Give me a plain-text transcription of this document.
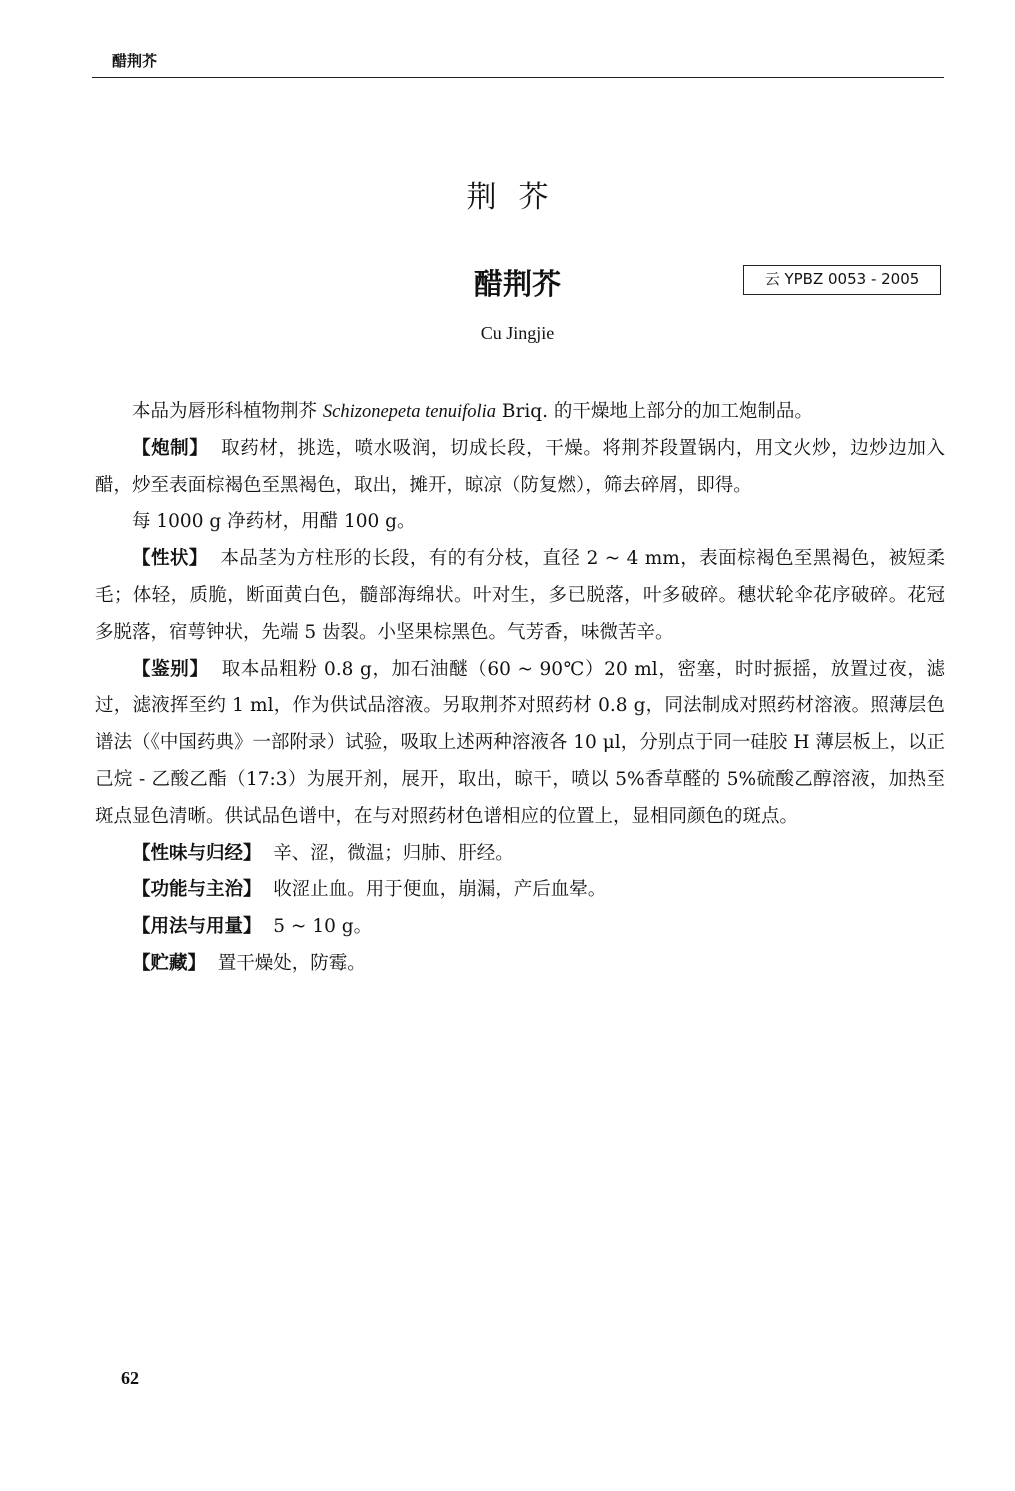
醋荆芥
荆芥
醋荆芥	云 YPBZ 0053 - 2005
Cu Jingjie

本品为唇形科植物荆芥 Schizonepeta tenuifolia Briq. 的干燥地上部分的加工炮制品。

【炮制】 取药材，挑选，喷水吸润，切成长段，干燥。将荆芥段置锅内，用文火炒，边炒边加入醋，炒至表面棕褐色至黑褐色，取出，摊开，晾凉（防复燃），筛去碎屑，即得。

每 1000 g 净药材，用醋 100 g。

【性状】 本品茎为方柱形的长段，有的有分枝，直径 2 ~ 4 mm，表面棕褐色至黑褐色，被短柔毛；体轻，质脆，断面黄白色，髓部海绵状。叶对生，多已脱落，叶多破碎。穗状轮伞花序破碎。花冠多脱落，宿萼钟状，先端 5 齿裂。小坚果棕黑色。气芳香，味微苦辛。

【鉴别】 取本品粗粉 0.8 g，加石油醚（60 ~ 90℃）20 ml，密塞，时时振摇，放置过夜，滤过，滤液挥至约 1 ml，作为供试品溶液。另取荆芥对照药材 0.8 g，同法制成对照药材溶液。照薄层色谱法（《中国药典》一部附录）试验，吸取上述两种溶液各 10 μl，分别点于同一硅胶 H 薄层板上，以正己烷 - 乙酸乙酯（17:3）为展开剂，展开，取出，晾干，喷以 5%香草醛的 5%硫酸乙醇溶液，加热至斑点显色清晰。供试品色谱中，在与对照药材色谱相应的位置上，显相同颜色的斑点。

【性味与归经】 辛、涩，微温；归肺、肝经。

【功能与主治】 收涩止血。用于便血，崩漏，产后血晕。

【用法与用量】 5 ~ 10 g。

【贮藏】 置干燥处，防霉。

62
